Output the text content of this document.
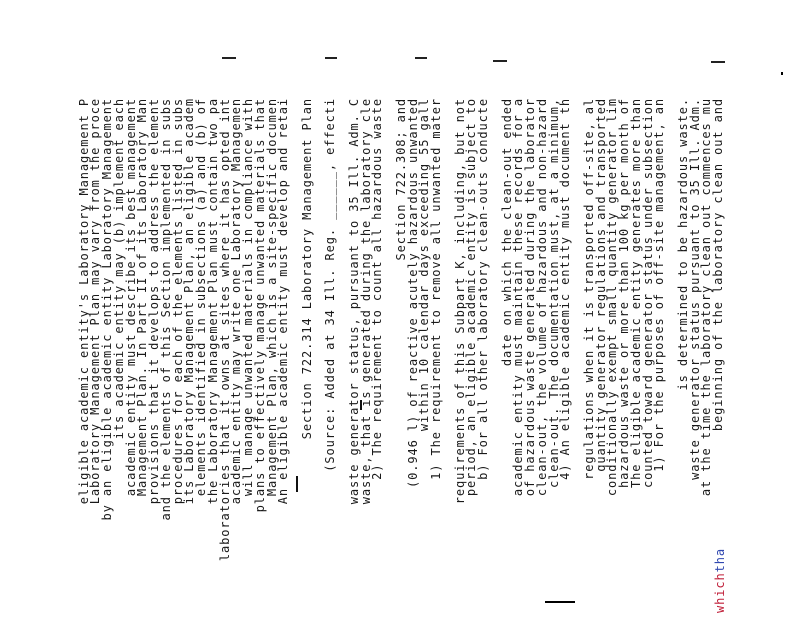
beginning of the laboratory clean out and
at the time the laboratory clean out commences mu
waste generator status pursuant to 35 Ill. Adm.
is determined to be hazardous waste.
1) For the purposes of off-site management, an
counted toward generator status under subsection
The eligible academic entity generates more than
hazardous waste or more than 100 kg per month of
conditionally exempt small quantity generator lim
quantity generator regulations and transported
regulations when it is transported off-site, al
4) An eligible academic entity must document th
clean-out. The documentation must, at a minimum,
clean-out, the volume of hazardous and non-hazard
of hazardous waste generated during the laborator
academic entity must maintain these records for a
date on which the clean-out ended
b) For all other laboratory clean-outs conducte
period, an eligible academic entity is subject to
requirements of this Subpart K, including, but not
1) The requirement to remove all unwanted mater
within 10 calendar days exceeding 55 gall
(0.946 l) of reactive acutely hazardous unwanted
Section 722.308; and
2) The requirement to count all hazardous waste
waste, that is generated during the laboratory cle
waste generator status, pursuant to 35 Ill. Adm. C
(Source: Added at 34 Ill. Reg. ______, effecti
Section 722.314 Laboratory Management Plan
An eligible academic entity must develop and retai
Management Plan, which is a site-specific documen
plans to effectively manage unwanted materials that
will manage unwanted materials in compliance with
academic entity may write one Laboratory Managemen
laboratories that it owns at sites where it has opted int
the Laboratory Management Plan must contain two pa
elements identified in subsections (a) and (b) of
its Laboratory Management Plan, an eligible academ
procedures for each of the elements listed in subs
and the elements of this Section implemented in subs
provisions that it develops to address the element
Management Plan. In Part II of its Laboratory Man
academic entity must describe its best management
its academic entity may (b) implement each
by an eligible academic entity Laboratory Management
Laboratory Management Plan may vary from the proce
eligible academic entity's Laboratory Management P
whichtha
